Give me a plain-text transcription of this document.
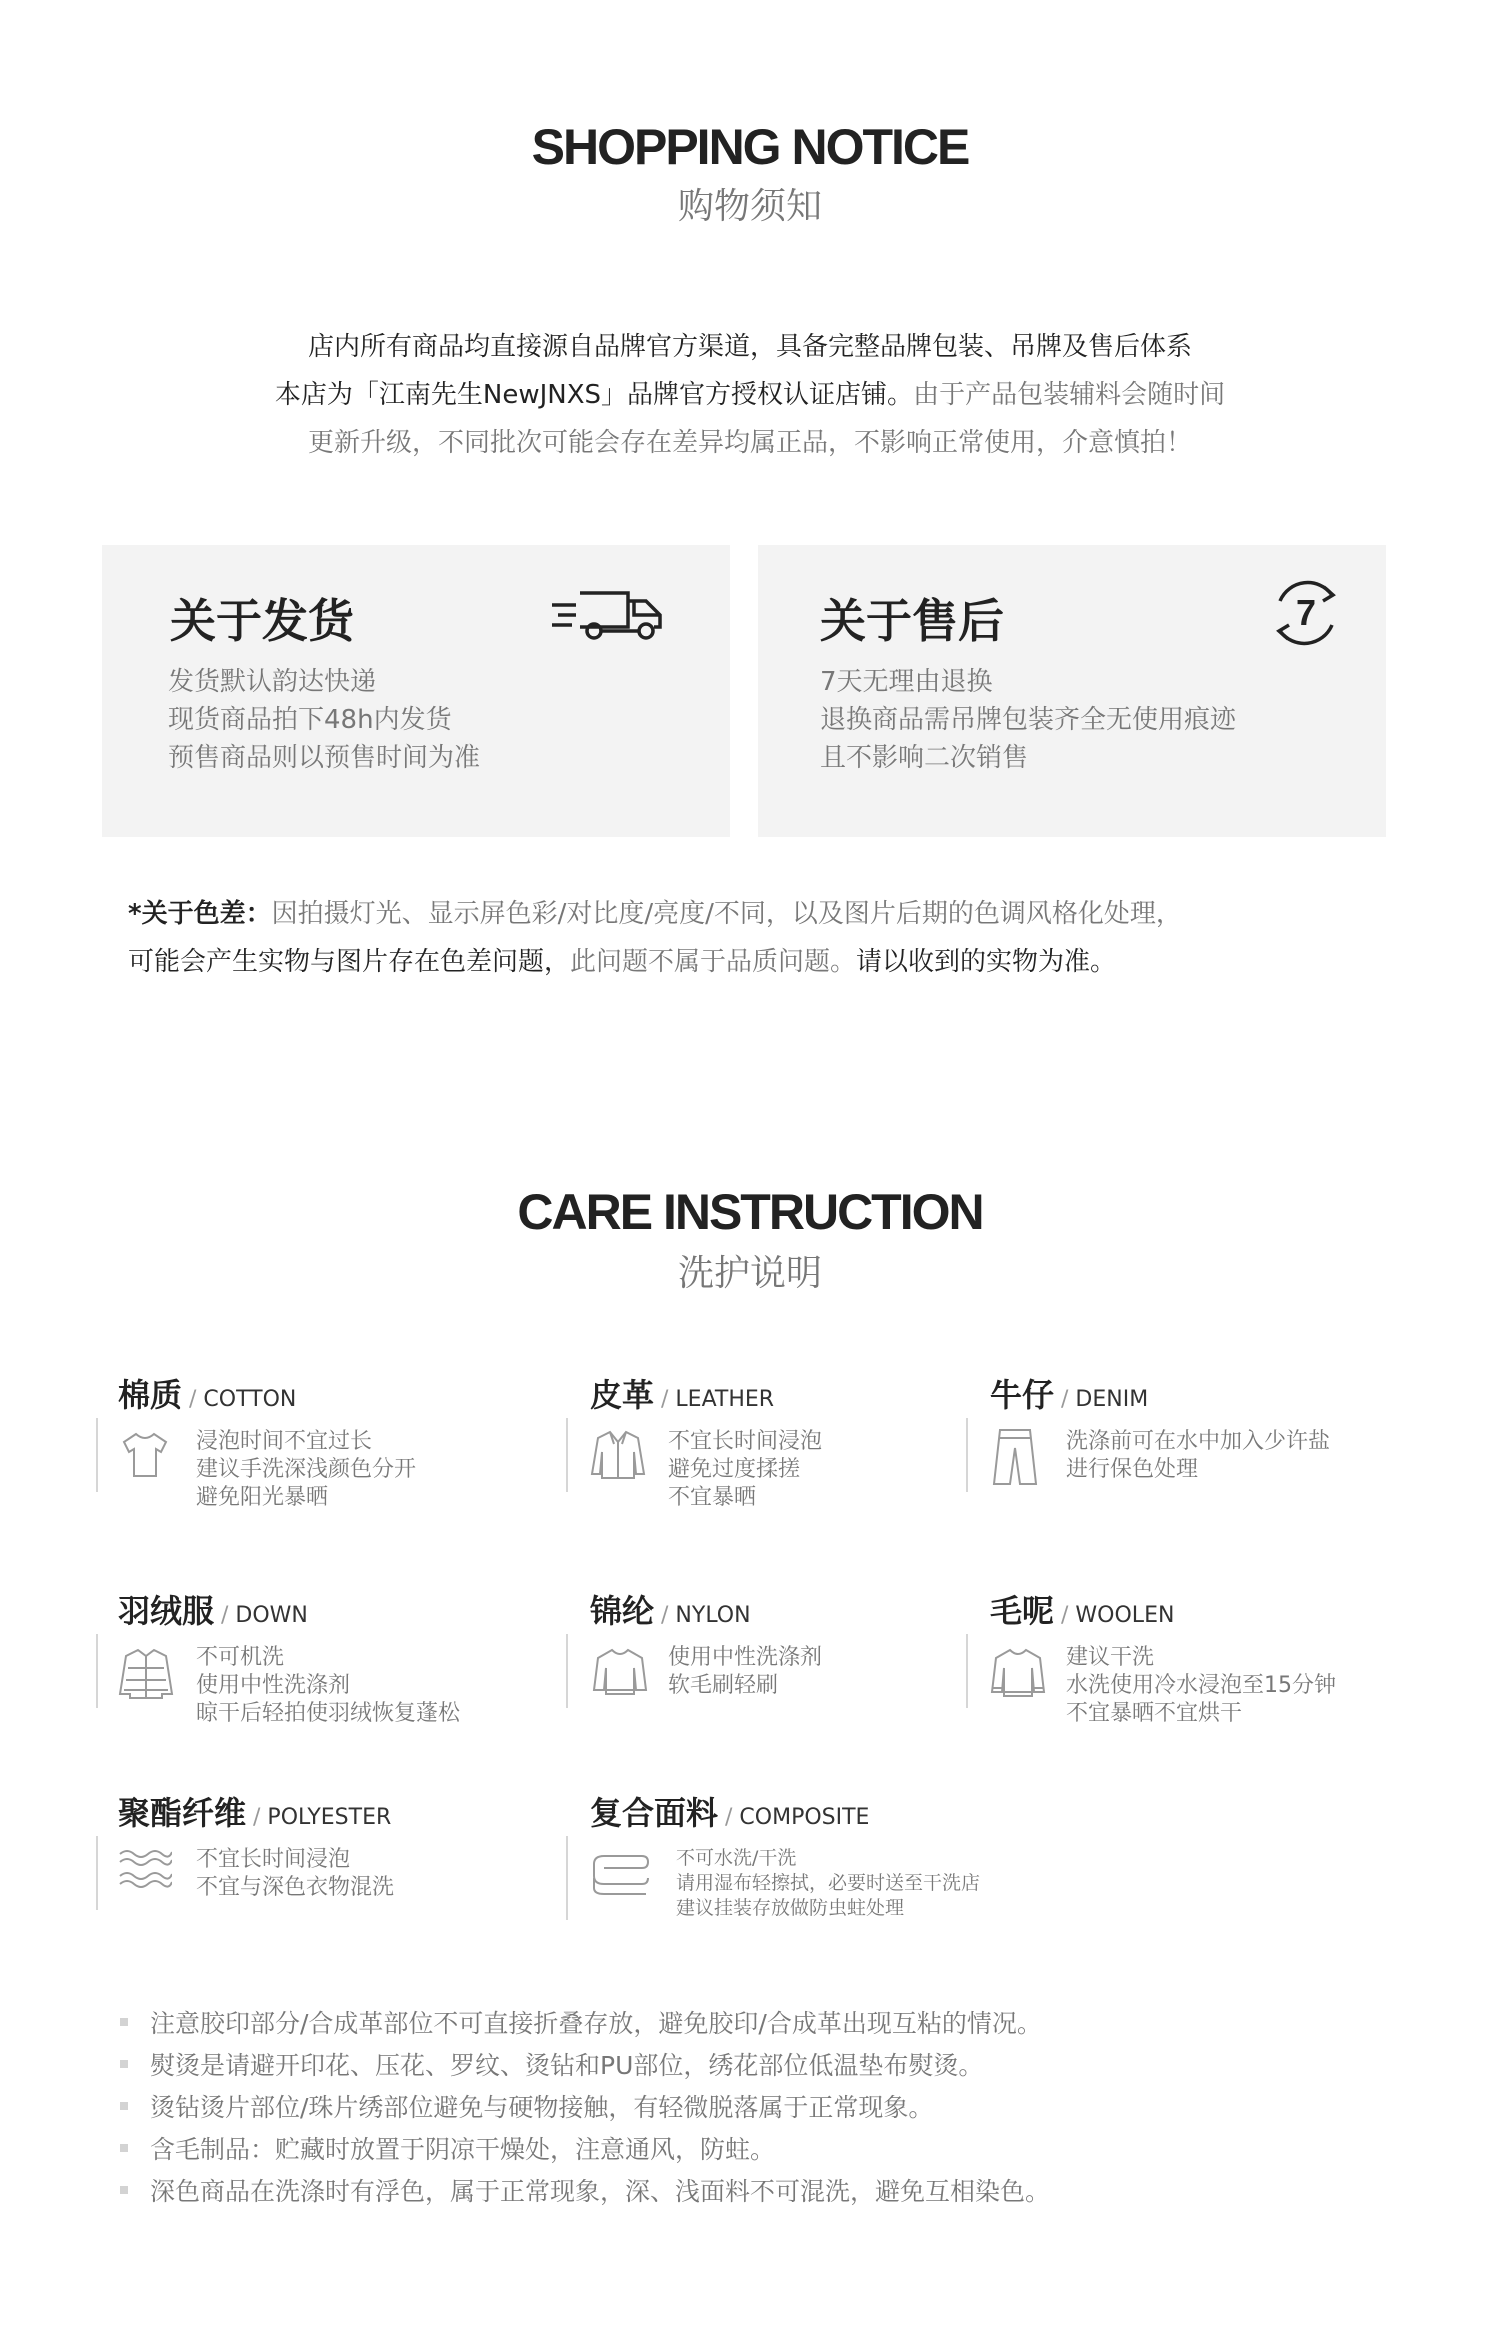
SHOPPING NOTICE
购物须知
店内所有商品均直接源自品牌官方渠道，具备完整品牌包装、吊牌及售后体系
本店为「江南先生NewJNXS」品牌官方授权认证店铺。由于产品包装辅料会随时间
更新升级，不同批次可能会存在差异均属正品，不影响正常使用，介意慎拍！
关于发货
发货默认韵达快递
现货商品拍下48h内发货
预售商品则以预售时间为准
关于售后	7
7天无理由退换
退换商品需吊牌包装齐全无使用痕迹
且不影响二次销售
*关于色差：因拍摄灯光、显示屏色彩/对比度/亮度/不同，以及图片后期的色调风格化处理，
可能会产生实物与图片存在色差问题，此问题不属于品质问题。请以收到的实物为准。
CARE INSTRUCTION
洗护说明
棉质 / COTTON
浸泡时间不宜过长
建议手洗深浅颜色分开
避免阳光暴晒
皮革 / LEATHER
不宜长时间浸泡
避免过度揉搓
不宜暴晒
牛仔 / DENIM
洗涤前可在水中加入少许盐
进行保色处理
羽绒服 / DOWN
不可机洗
使用中性洗涤剂
晾干后轻拍使羽绒恢复蓬松
锦纶 / NYLON
使用中性洗涤剂
软毛刷轻刷
毛呢 / WOOLEN
建议干洗
水洗使用冷水浸泡至15分钟
不宜暴晒不宜烘干
聚酯纤维 / POLYESTER
不宜长时间浸泡
不宜与深色衣物混洗
复合面料 / COMPOSITE
不可水洗/干洗
请用湿布轻擦拭，必要时送至干洗店
建议挂装存放做防虫蛀处理
注意胶印部分/合成革部位不可直接折叠存放，避免胶印/合成革出现互粘的情况。
熨烫是请避开印花、压花、罗纹、烫钻和PU部位，绣花部位低温垫布熨烫。
烫钻烫片部位/珠片绣部位避免与硬物接触，有轻微脱落属于正常现象。
含毛制品：贮藏时放置于阴凉干燥处，注意通风，防蛀。
深色商品在洗涤时有浮色，属于正常现象，深、浅面料不可混洗，避免互相染色。
